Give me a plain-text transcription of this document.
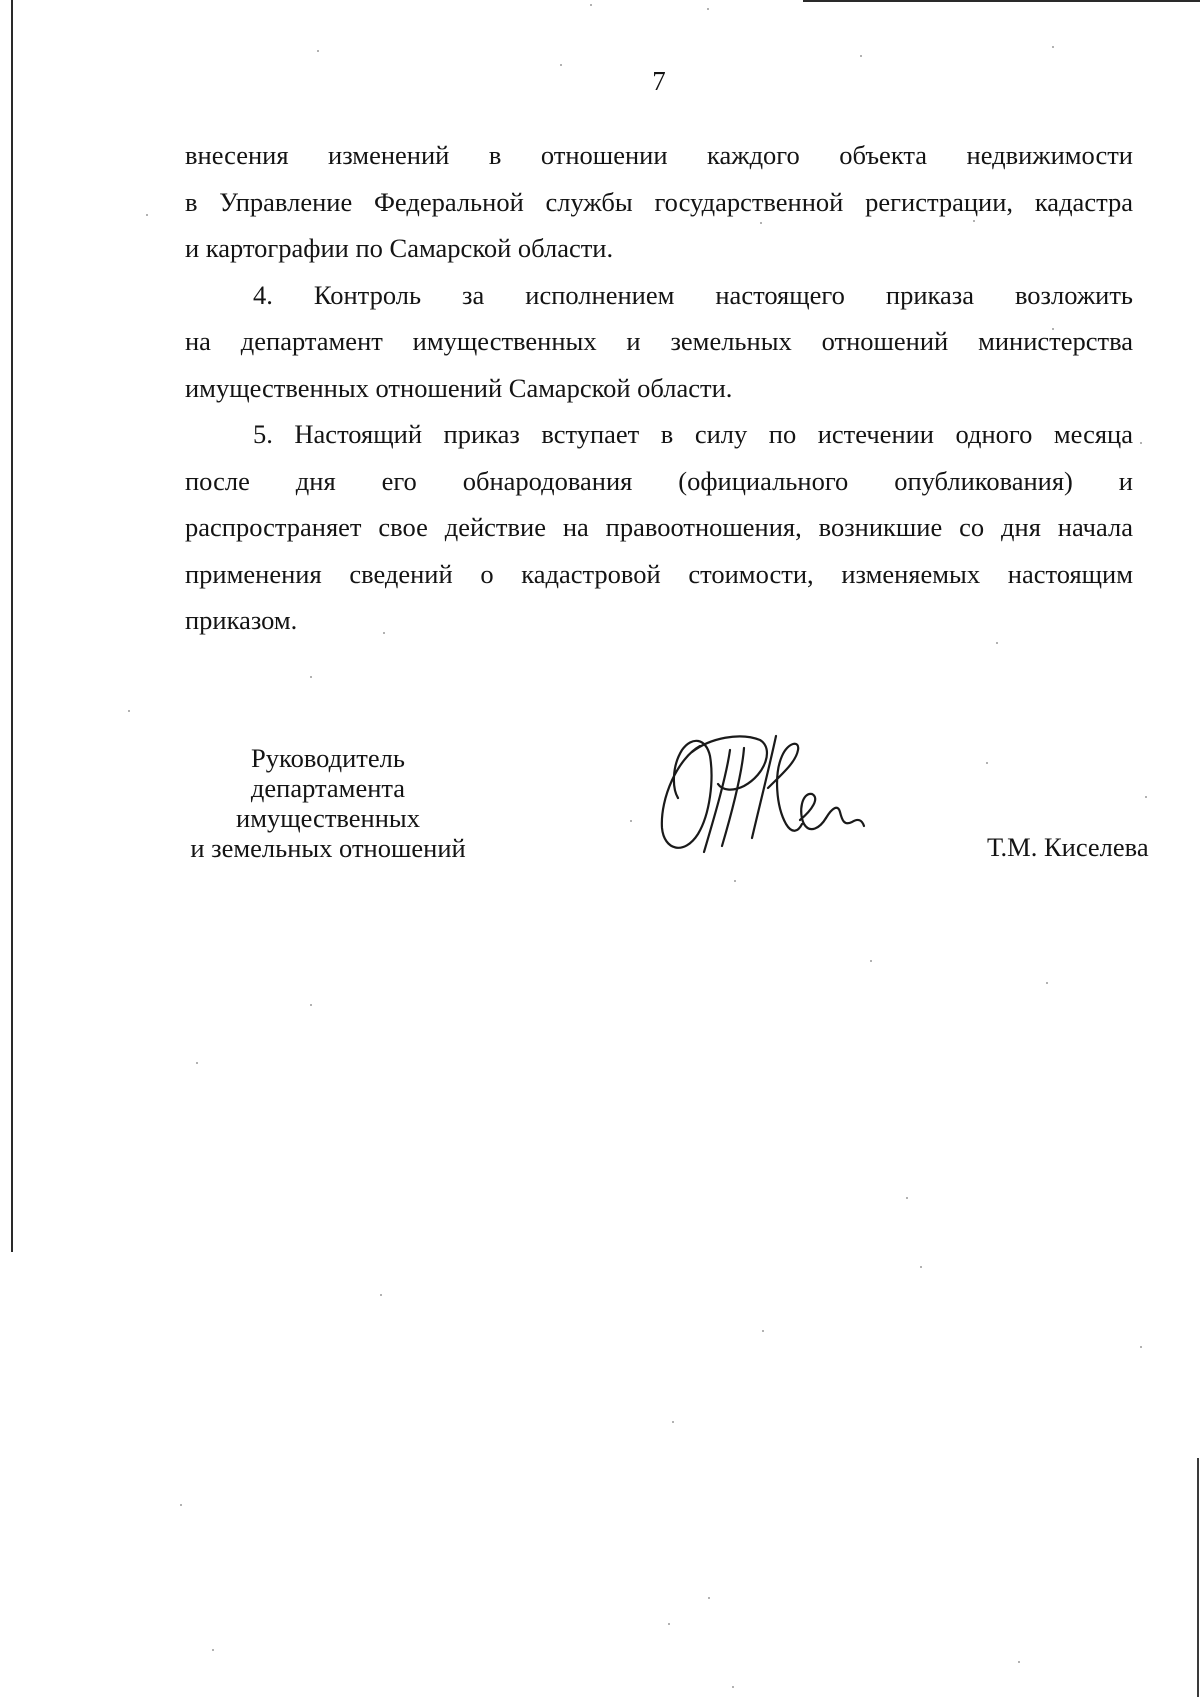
7
внесения изменений в отношении каждого объекта недвижимости
в Управление Федеральной службы государственной регистрации, кадастра
и картографии по Самарской области.
4. Контроль за исполнением настоящего приказа возложить
на департамент имущественных и земельных отношений министерства
имущественных отношений Самарской области.
5. Настоящий приказ вступает в силу по истечении одного месяца
после дня его обнародования (официального опубликования) и
распространяет свое действие на правоотношения, возникшие со дня начала
применения сведений о кадастровой стоимости, изменяемых настоящим
приказом.
Руководитель
департамента
имущественных
и земельных отношений	Т.М. Киселева
